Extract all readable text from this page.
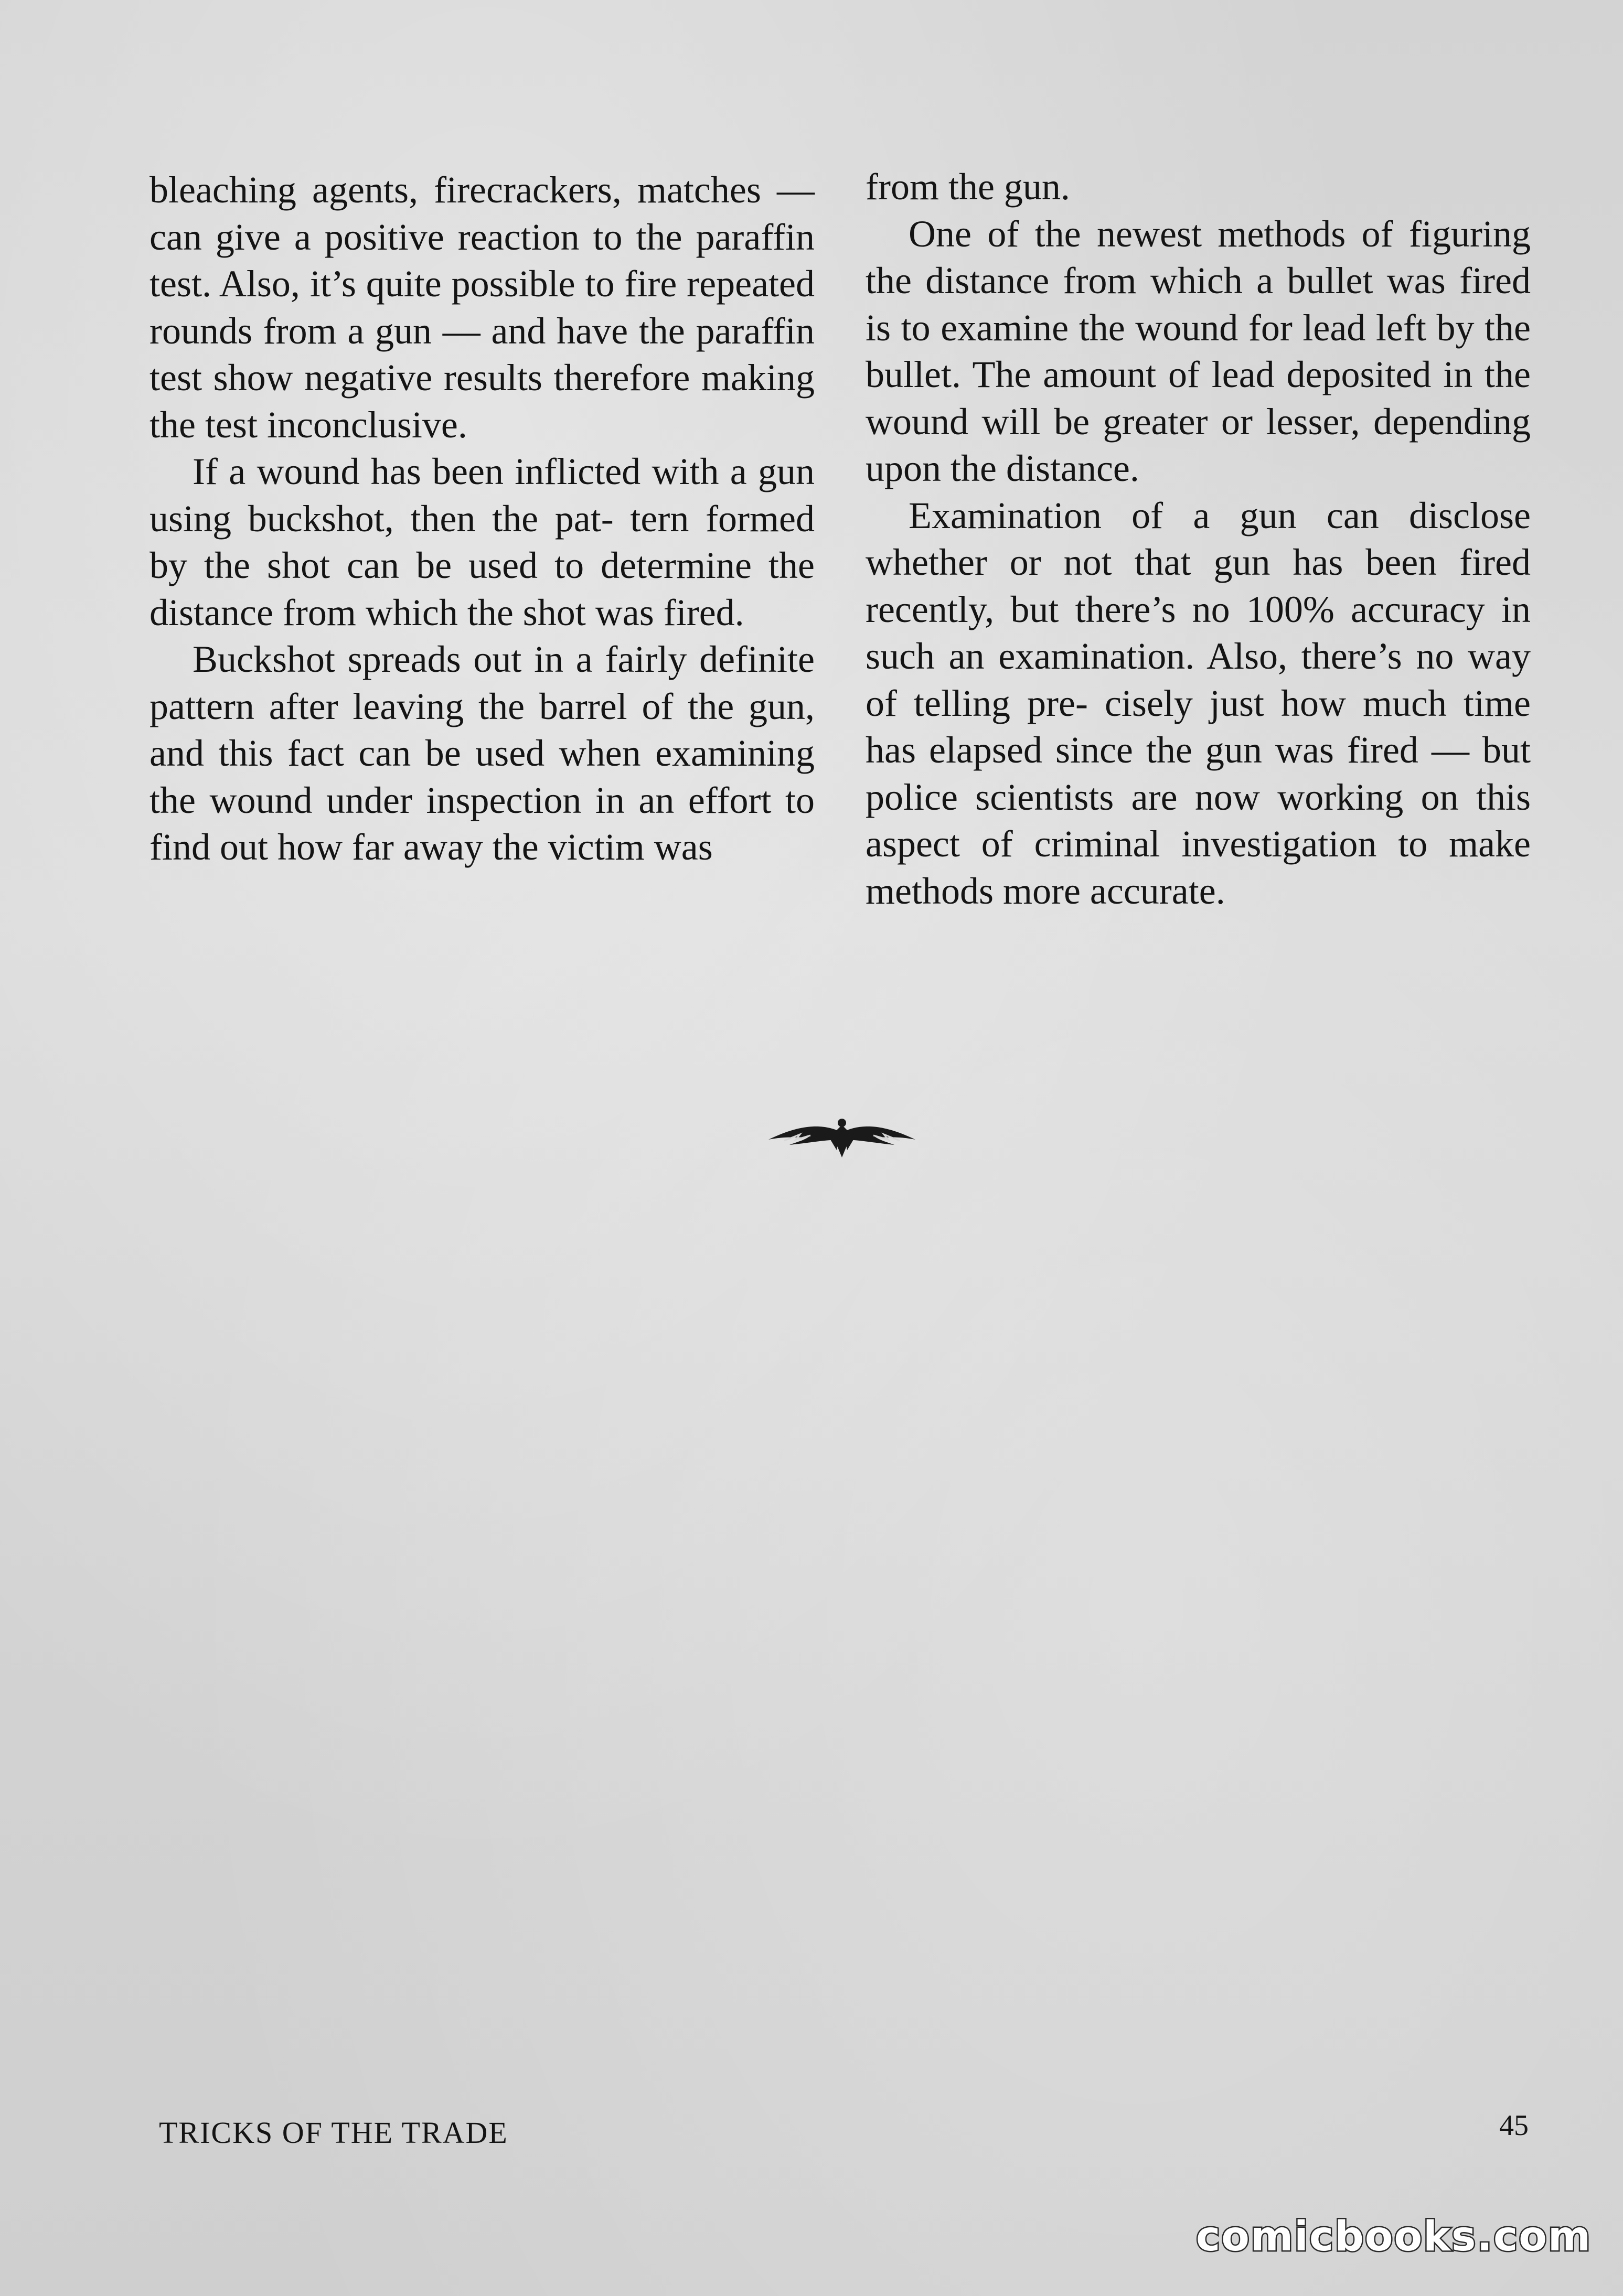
bleaching agents, firecrackers, matches — can give a positive reaction to the paraffin test. Also, it’s quite possible to fire repeated rounds from a gun — and have the paraffin test show negative results therefore making the test inconclusive.

If a wound has been inflicted with a gun using buckshot, then the pat- tern formed by the shot can be used to determine the distance from which the shot was fired.

Buckshot spreads out in a fairly definite pattern after leaving the barrel of the gun, and this fact can be used when examining the wound under inspection in an effort to find out how far away the victim was

from the gun.

One of the newest methods of figuring the distance from which a bullet was fired is to examine the wound for lead left by the bullet. The amount of lead deposited in the wound will be greater or lesser, depending upon the distance.

Examination of a gun can disclose whether or not that gun has been fired recently, but there’s no 100% accuracy in such an examination. Also, there’s no way of telling pre- cisely just how much time has elapsed since the gun was fired — but police scientists are now working on this aspect of criminal investigation to make methods more accurate.

TRICKS OF THE TRADE	45
comicbooks.com
